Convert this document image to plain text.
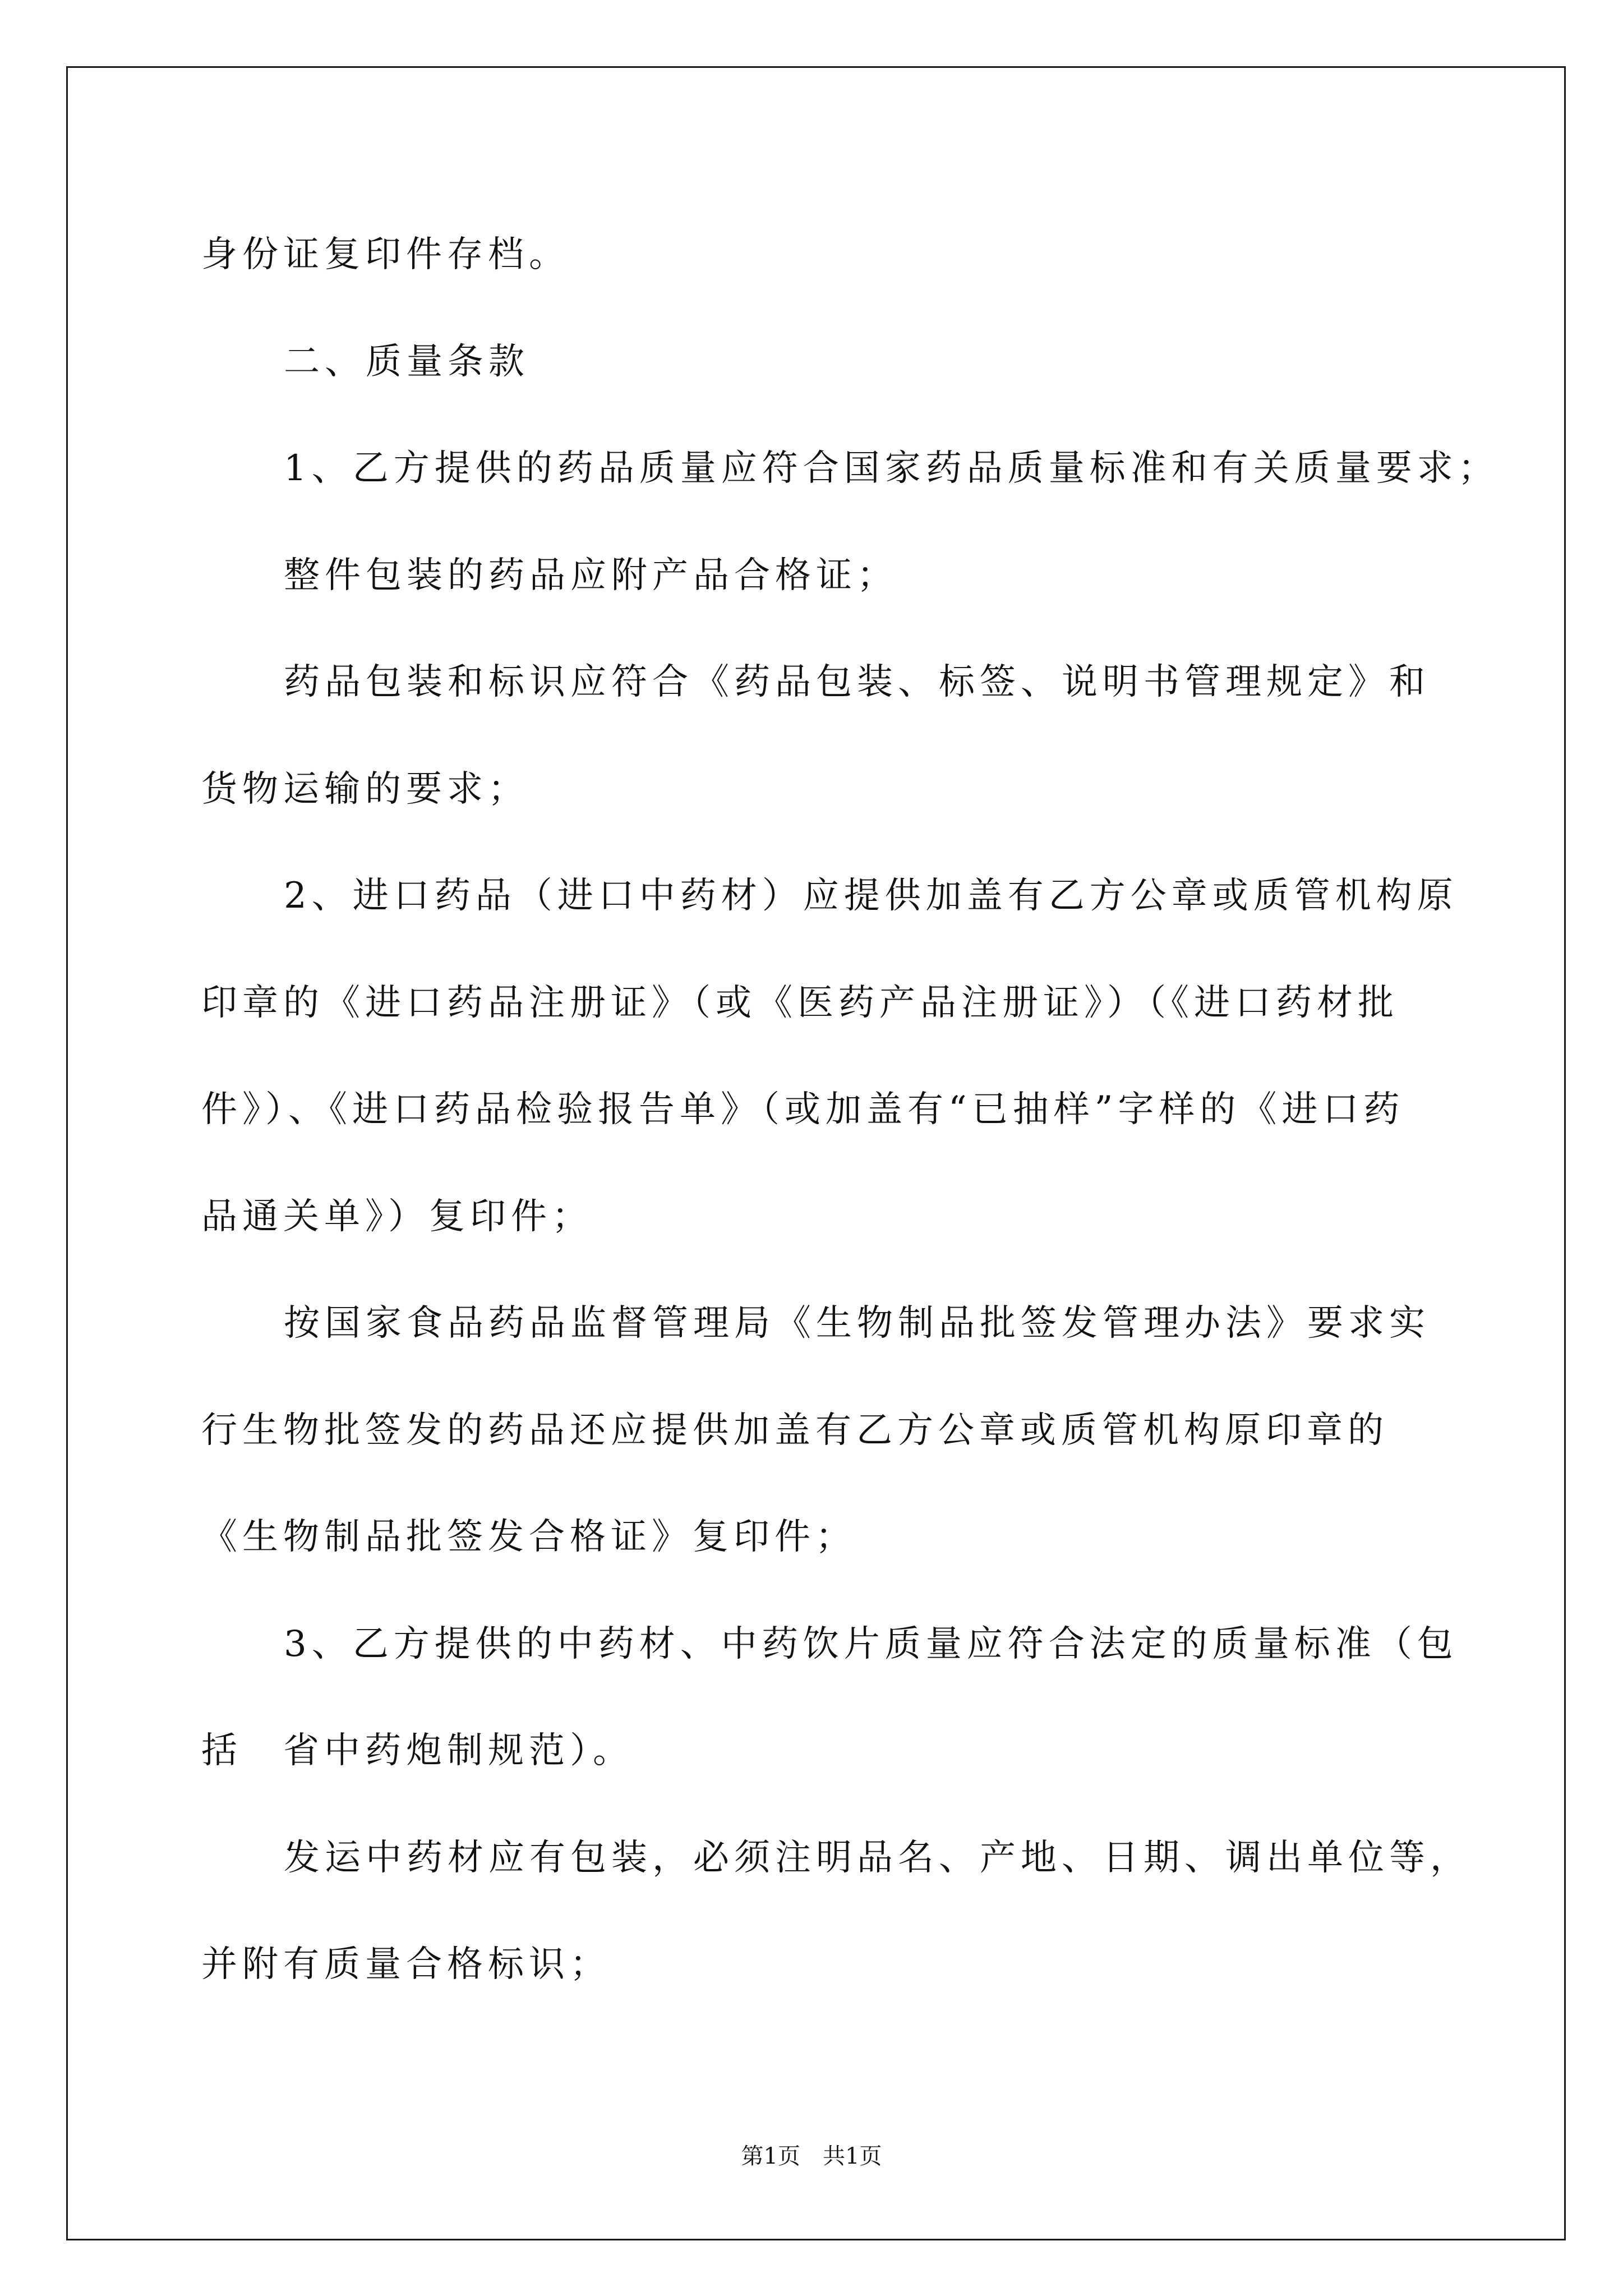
身份证复印件存档。
二、质量条款
1、乙方提供的药品质量应符合国家药品质量标准和有关质量要求；
整件包装的药品应附产品合格证；
药品包装和标识应符合《药品包装、标签、说明书管理规定》和
货物运输的要求；
2、进口药品（进口中药材）应提供加盖有乙方公章或质管机构原
印章的《进口药品注册证》（或《医药产品注册证》）（《进口药材批
件》）、《进口药品检验报告单》（或加盖有“已抽样”字样的《进口药
品通关单》）复印件；
按国家食品药品监督管理局《生物制品批签发管理办法》要求实
行生物批签发的药品还应提供加盖有乙方公章或质管机构原印章的
《生物制品批签发合格证》复印件；
3、乙方提供的中药材、中药饮片质量应符合法定的质量标准（包
括　省中药炮制规范）。
发运中药材应有包装，必须注明品名、产地、日期、调出单位等，
并附有质量合格标识；
第1页　共1页
